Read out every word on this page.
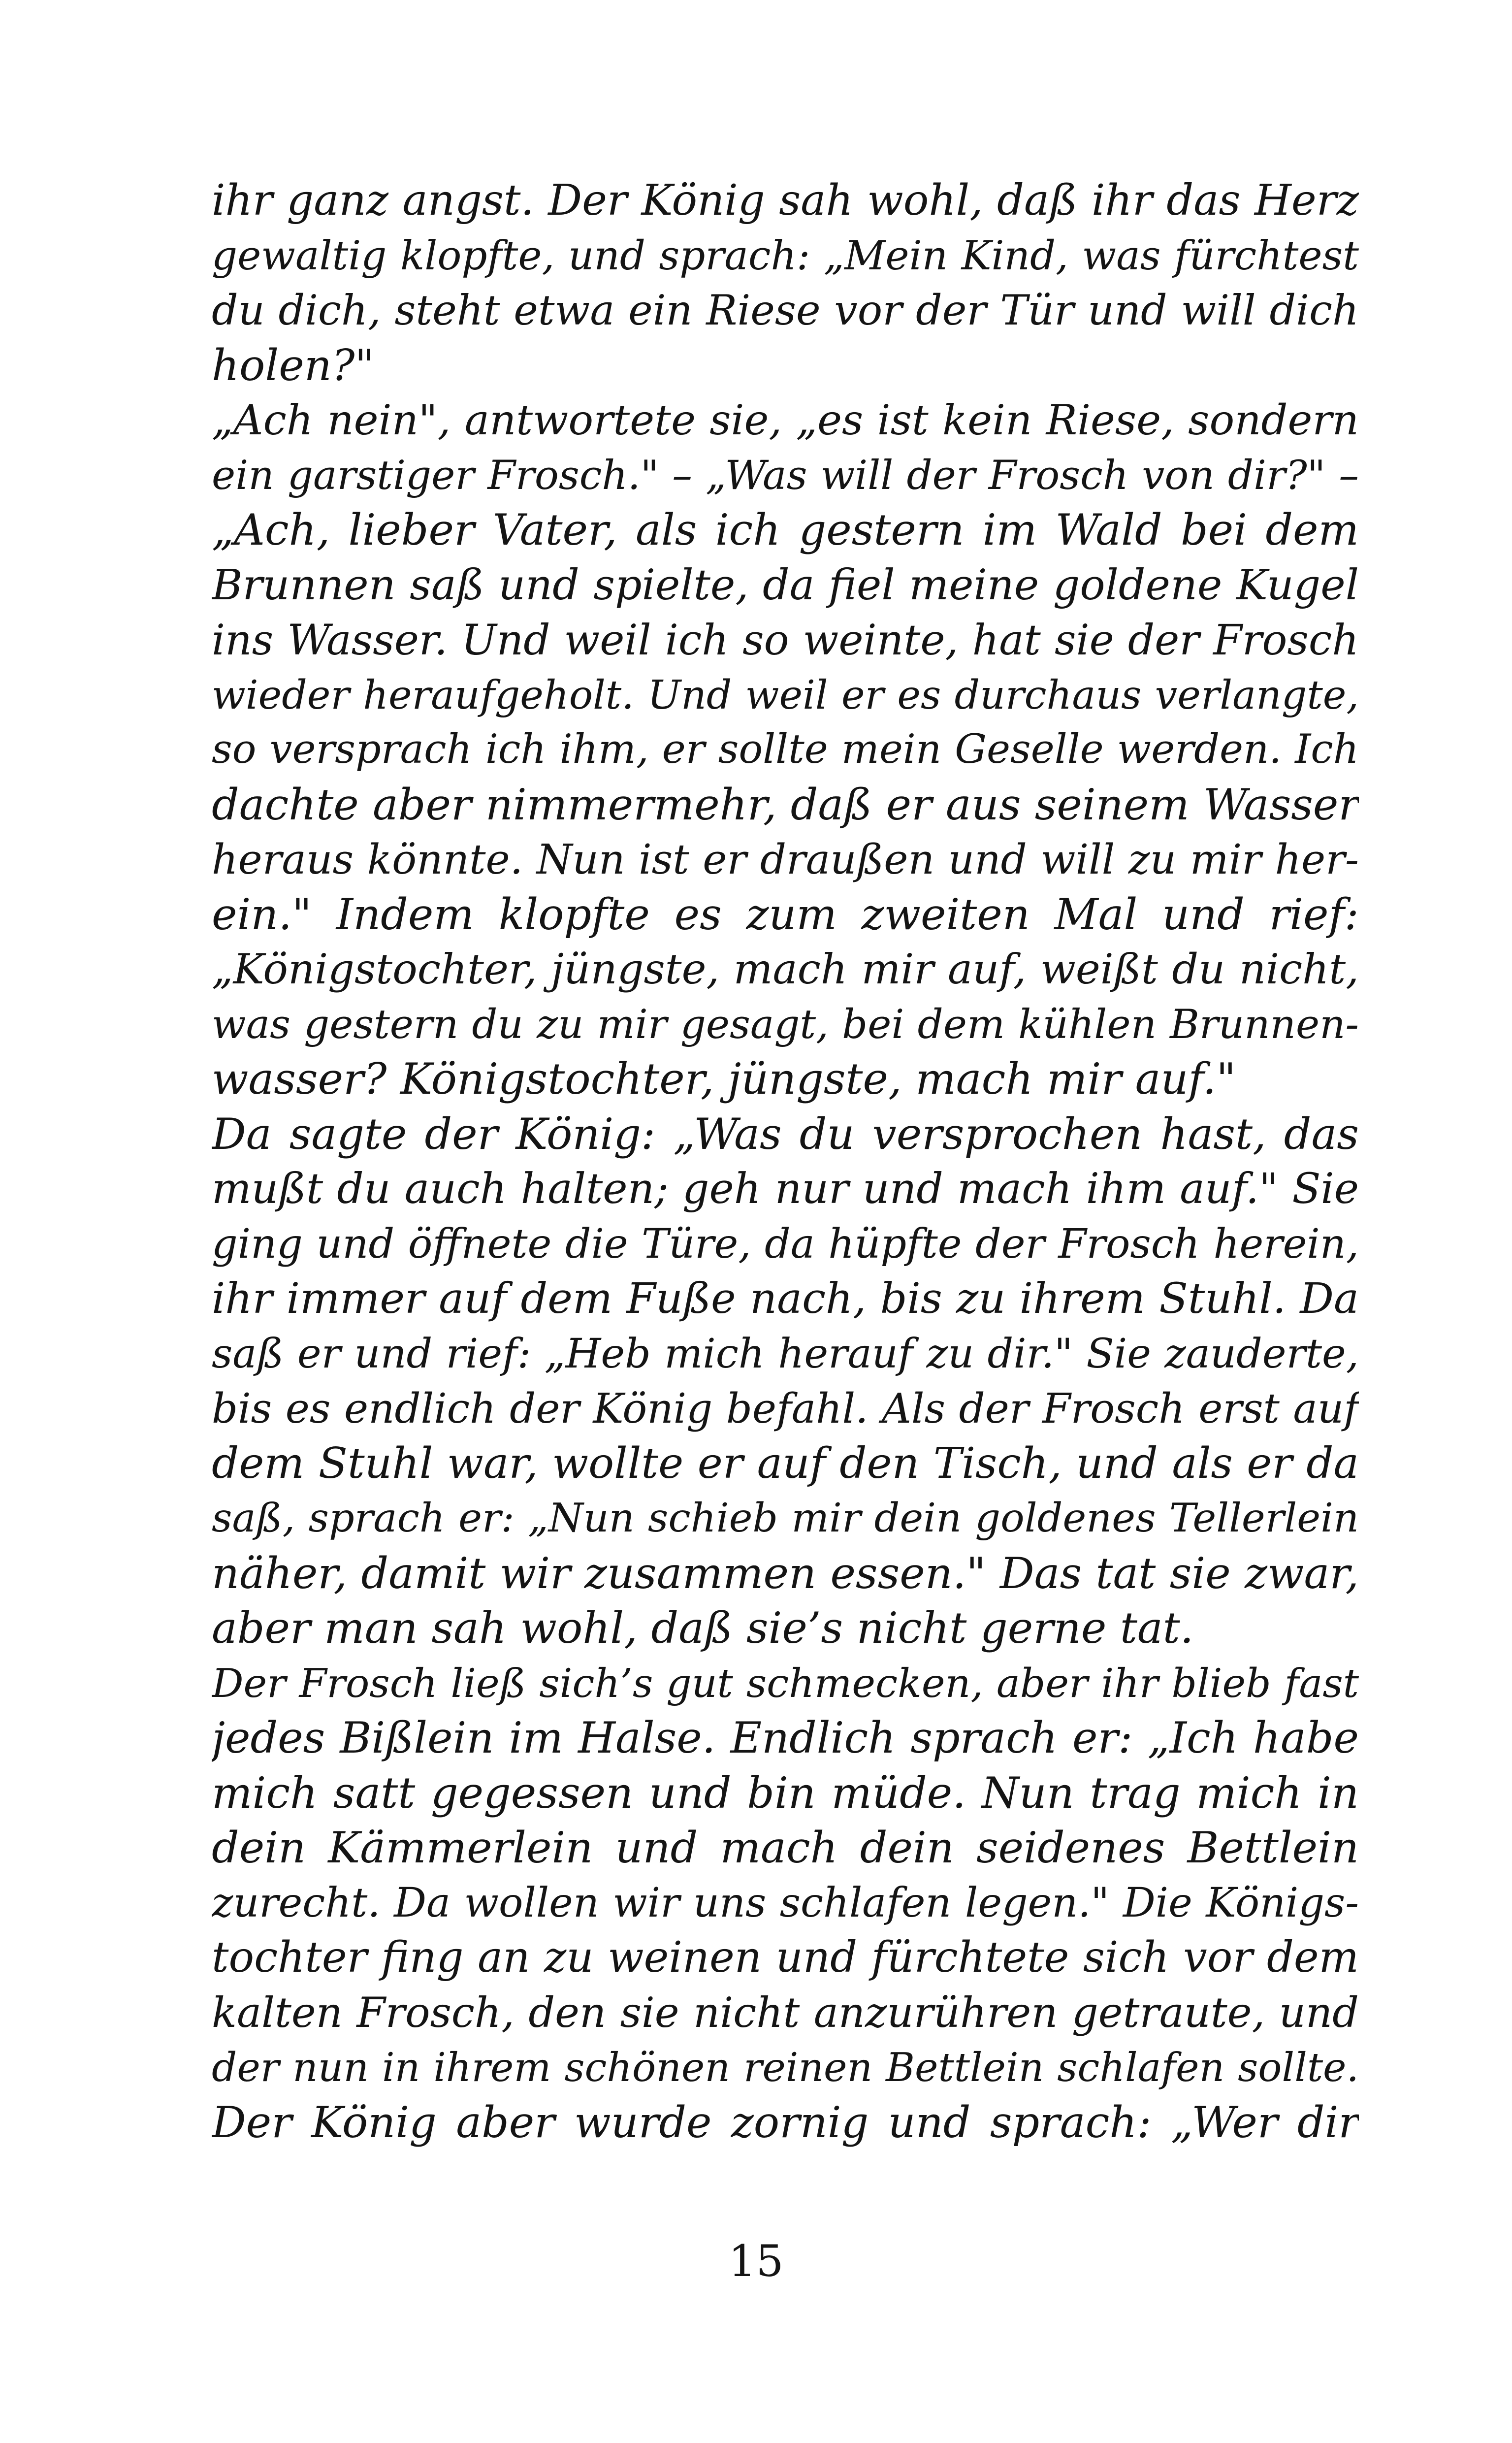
ihr ganz angst. Der König sah wohl, daß ihr das Herz
gewaltig klopfte, und sprach: „Mein Kind, was fürchtest
du dich, steht etwa ein Riese vor der Tür und will dich
holen?"
„Ach nein", antwortete sie, „es ist kein Riese, sondern
ein garstiger Frosch." – „Was will der Frosch von dir?" –
„Ach, lieber Vater, als ich gestern im Wald bei dem
Brunnen saß und spielte, da fiel meine goldene Kugel
ins Wasser. Und weil ich so weinte, hat sie der Frosch
wieder heraufgeholt. Und weil er es durchaus verlangte,
so versprach ich ihm, er sollte mein Geselle werden. Ich
dachte aber nimmermehr, daß er aus seinem Wasser
heraus könnte. Nun ist er draußen und will zu mir her-
ein." Indem klopfte es zum zweiten Mal und rief:
„Königstochter, jüngste, mach mir auf, weißt du nicht,
was gestern du zu mir gesagt, bei dem kühlen Brunnen-
wasser? Königstochter, jüngste, mach mir auf."
Da sagte der König: „Was du versprochen hast, das
mußt du auch halten; geh nur und mach ihm auf." Sie
ging und öffnete die Türe, da hüpfte der Frosch herein,
ihr immer auf dem Fuße nach, bis zu ihrem Stuhl. Da
saß er und rief: „Heb mich herauf zu dir." Sie zauderte,
bis es endlich der König befahl. Als der Frosch erst auf
dem Stuhl war, wollte er auf den Tisch, und als er da
saß, sprach er: „Nun schieb mir dein goldenes Tellerlein
näher, damit wir zusammen essen." Das tat sie zwar,
aber man sah wohl, daß sie’s nicht gerne tat.
Der Frosch ließ sich’s gut schmecken, aber ihr blieb fast
jedes Bißlein im Halse. Endlich sprach er: „Ich habe
mich satt gegessen und bin müde. Nun trag mich in
dein Kämmerlein und mach dein seidenes Bettlein
zurecht. Da wollen wir uns schlafen legen." Die Königs-
tochter fing an zu weinen und fürchtete sich vor dem
kalten Frosch, den sie nicht anzurühren getraute, und
der nun in ihrem schönen reinen Bettlein schlafen sollte.
Der König aber wurde zornig und sprach: „Wer dir
15
